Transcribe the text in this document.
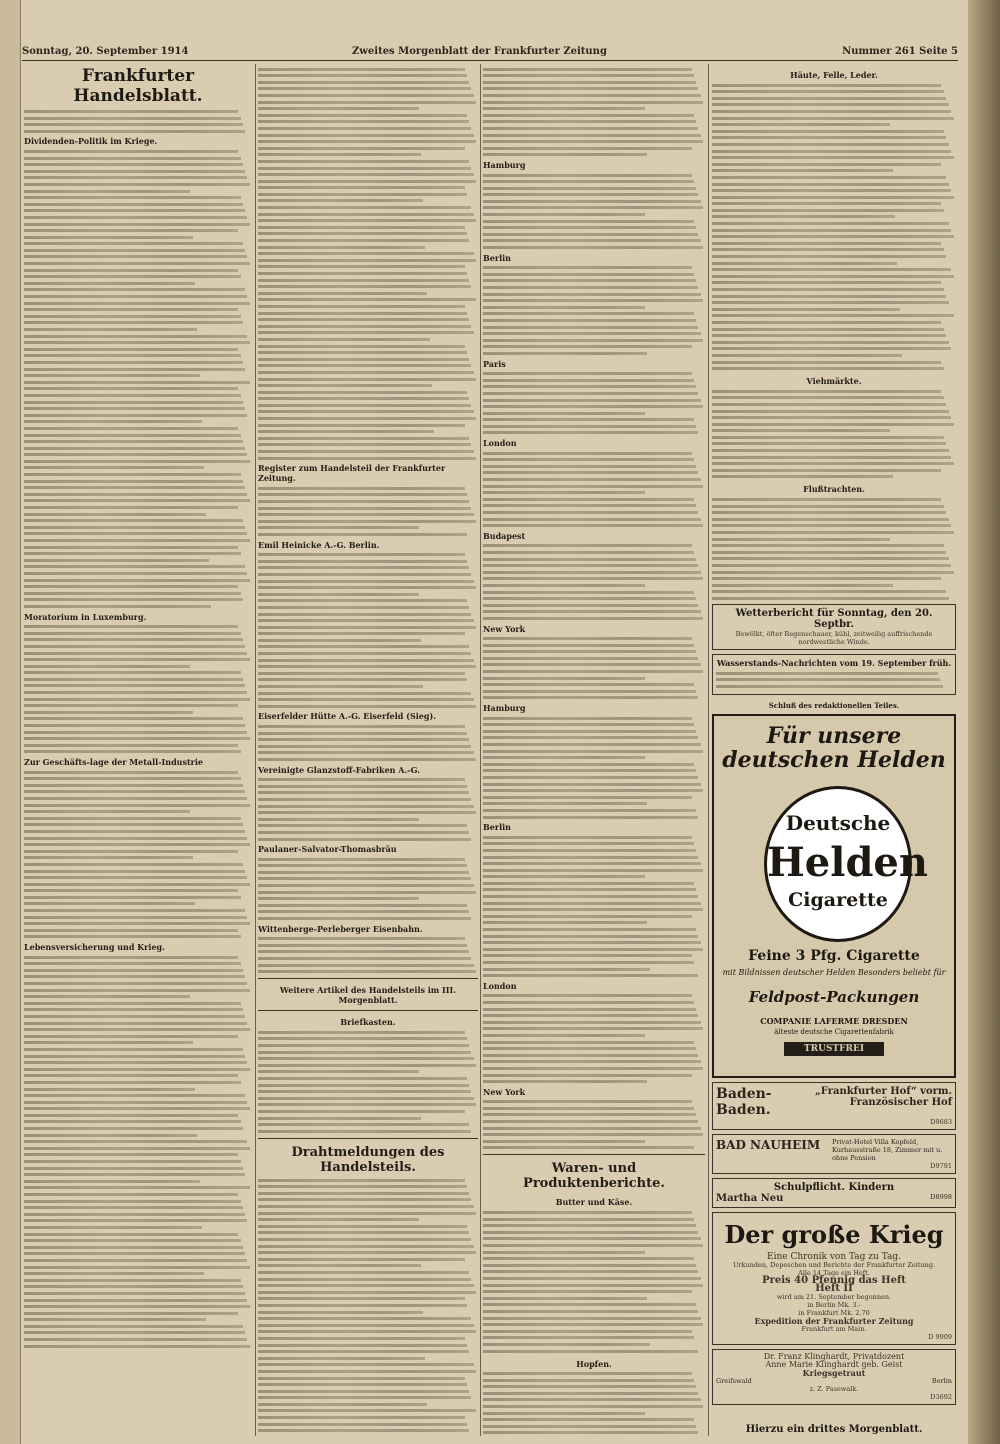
Sonntag, 20. September 1914	Zweites Morgenblatt der Frankfurter Zeitung	Nummer 261 Seite 5
Frankfurter Handelsblatt.
Dividenden-Politik im Kriege.
Moratorium in Luxemburg.
Zur Geschäfts-lage der Metall-Industrie
Lebensversicherung und Krieg.
Register zum Handelsteil der Frankfurter Zeitung.
Emil Heinicke A.-G. Berlin.
Eiserfelder Hütte A.-G. Eiserfeld (Sieg).
Vereinigte Glanzstoff-Fabriken A.-G.
Paulaner-Salvator-Thomasbräu
Wittenberge-Perleberger Eisenbahn.
Weitere Artikel des Handelsteils im III. Morgenblatt.
Briefkasten.
Drahtmeldungen des Handelsteils.
Hamburg
Berlin
Paris
London
Budapest
New York
Hamburg
Berlin
London
New York
Waren- und Produktenberichte.
Butter und Käse.
Hopfen.
Häute, Felle, Leder.
Viehmärkte.
Flußtrachten.
Wetterbericht für Sonntag, den 20. Septbr.
Bewölkt, öfter Regenschauer, kühl, zeitweilig auffrischende nordwestliche Winde.
Wasserstands-Nachrichten vom 19. September früh.
Schluß des redaktionellen Teiles.
Für unsere deutschen Helden
Deutsche
Helden
Cigarette
Feine 3 Pfg. Cigarette
mit Bildnissen deutscher Helden Besonders beliebt für
Feldpost-Packungen
COMPANIE LAFERME DRESDEN
älteste deutsche Cigarettenfabrik
TRUSTFREI
Baden-Baden.
„Frankfurter Hof“ vorm. Französischer Hof
D9683
BAD NAUHEIM Privat-Hotel Villa Kopfeld, Kurhausstraße 18, Zimmer mit u. ohne Pension
D9791
Schulpflicht. Kindern
Martha Neu	D8998
Der große Krieg
Eine Chronik von Tag zu Tag.
Urkunden, Depeschen und Berichte der Frankfurter Zeitung.
Alle 14 Tage ein Heft.
Preis 40 Pfennig das Heft
Heft II
wird am 21. September begonnen.
in Berlin Mk. 3.-
in Frankfurt Mk. 2.70
Expedition der Frankfurter Zeitung
Frankfurt am Main.
D 9909
Dr. Franz Klinghardt, Privatdozent
Anne Marie Klinghardt geb. Geist
Kriegsgetraut
Greifswald	Berlin
z. Z. Pasewalk.
D3692
Hierzu ein drittes Morgenblatt.
